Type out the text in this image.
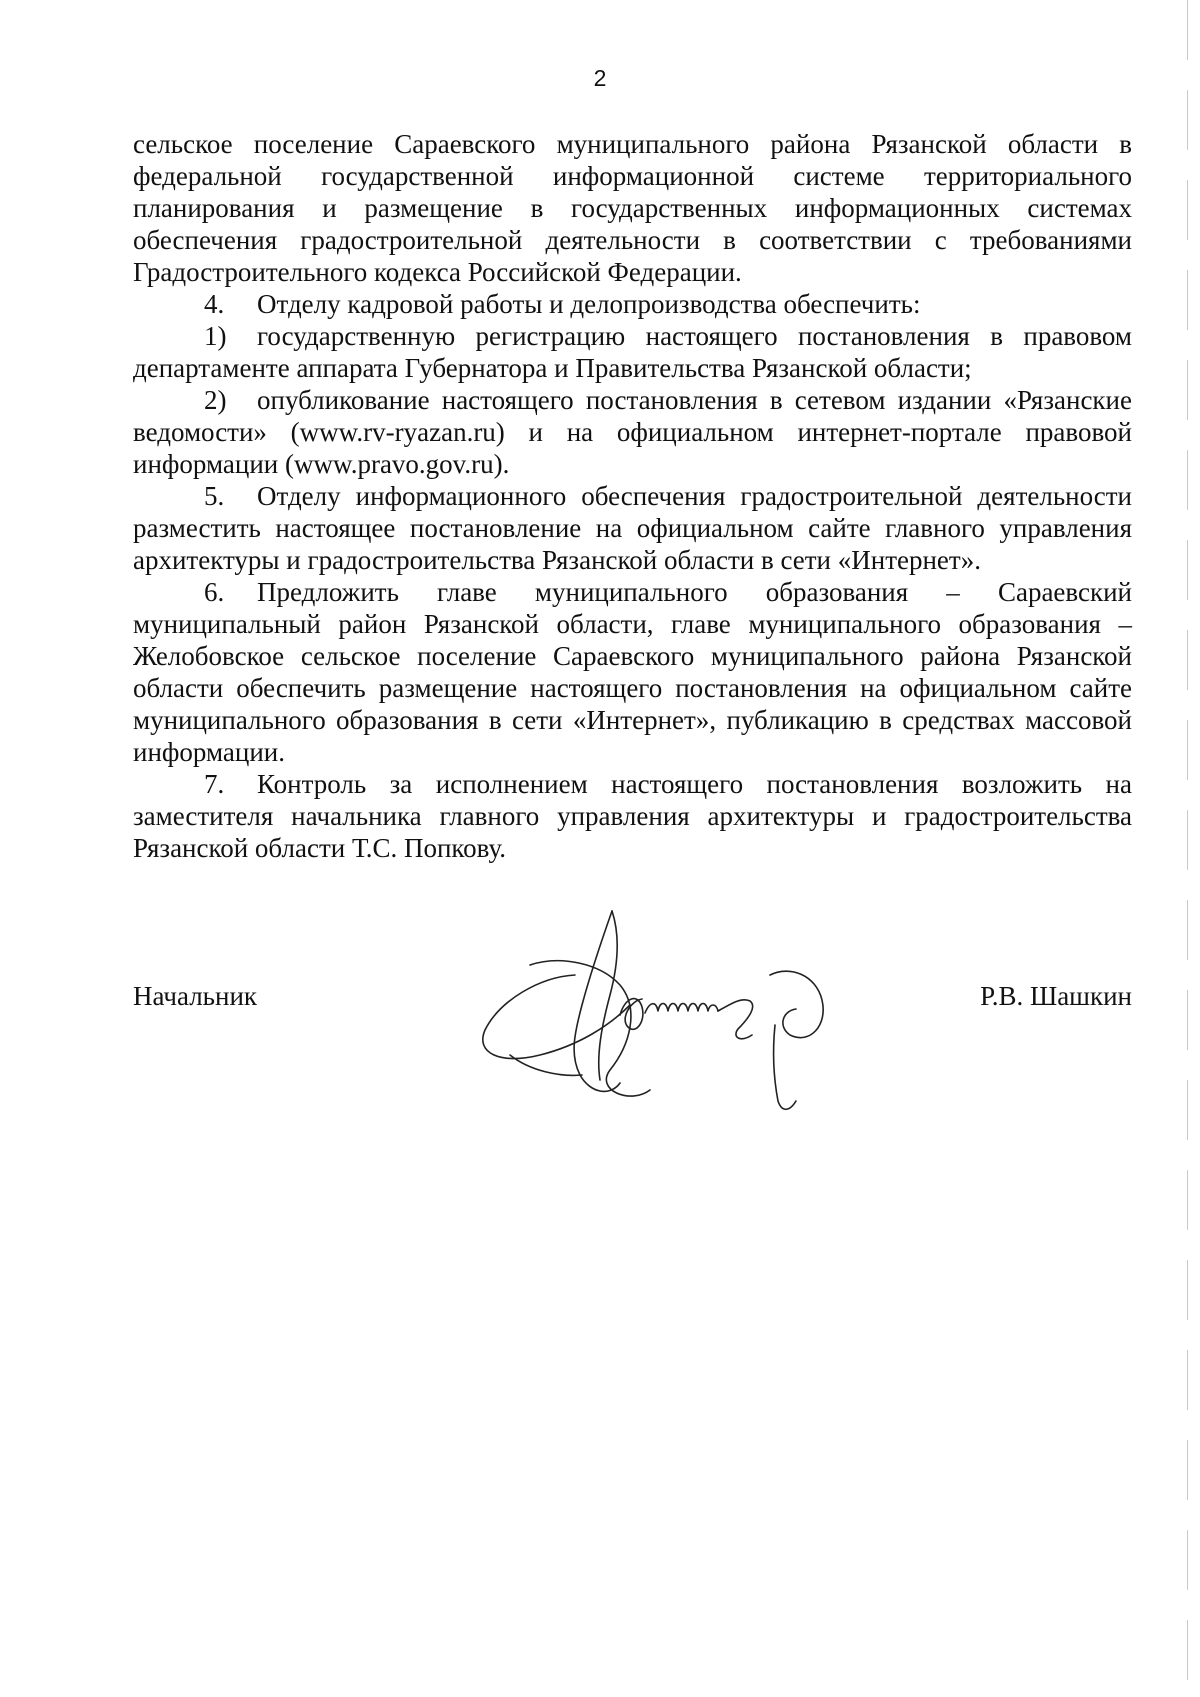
2

сельское поселение Сараевского муниципального района Рязанской области в федеральной государственной информационной системе территориального планирования и размещение в государственных информационных системах обеспечения градостроительной деятельности в соответствии с требованиями Градостроительного кодекса Российской Федерации.

4. Отделу кадровой работы и делопроизводства обеспечить:

1) государственную регистрацию настоящего постановления в правовом департаменте аппарата Губернатора и Правительства Рязанской области;

2) опубликование настоящего постановления в сетевом издании «Рязанские ведомости» (www.rv-ryazan.ru) и на официальном интернет-портале правовой информации (www.pravo.gov.ru).

5. Отделу информационного обеспечения градостроительной деятельности разместить настоящее постановление на официальном сайте главного управления архитектуры и градостроительства Рязанской области в сети «Интернет».

6. Предложить главе муниципального образования – Сараевский муниципальный район Рязанской области, главе муниципального образования – Желобовское сельское поселение Сараевского муниципального района Рязанской области обеспечить размещение настоящего постановления на официальном сайте муниципального образования в сети «Интернет», публикацию в средствах массовой информации.

7. Контроль за исполнением настоящего постановления возложить на заместителя начальника главного управления архитектуры и градостроительства Рязанской области Т.С. Попкову.

Начальник	Р.В. Шашкин
